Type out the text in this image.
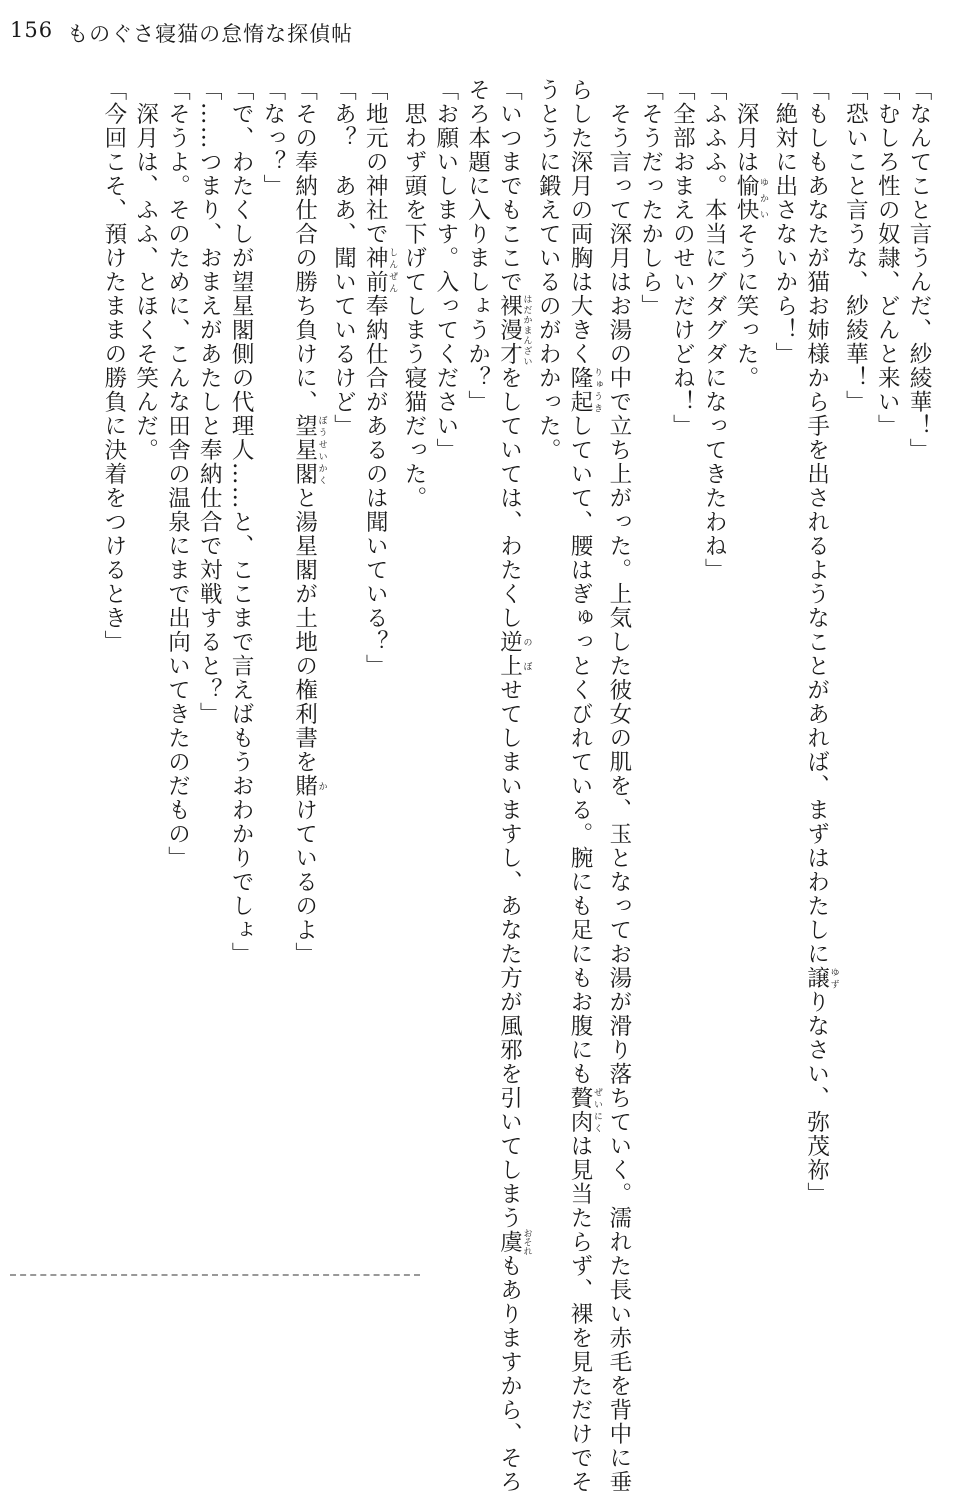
156 ものぐさ寝猫の怠惰な探偵帖
「なんてこと言うんだ、紗綾華！」
「むしろ性の奴隷、どんと来い」
「恐いこと言うな、紗綾華！」
「もしもあなたが猫お姉様から手を出されるようなことがあれば、まずはわたしに譲 ゆずりなさい、弥茂祢」
「絶対に出さないから！」
　深月は愉快 ゆかいそうに笑った。
「ふふふ。本当にグダグダになってきたわね」
「全部おまえのせいだけどね！」
「そうだったかしら」
　そう言って深月はお湯の中で立ち上がった。上気した彼女の肌を、玉となってお湯が滑り落ちていく。濡れた長い赤毛を背中に垂
らした深月の両胸は大きく隆起 りゅうきしていて、腰はぎゅっとくびれている。腕にも足にもお腹にも贅肉 ぜいにくは見当たらず、裸を見ただけでそ
うとうに鍛えているのがわかった。
「いつまでもここで裸漫才 はだかまんざいをしていては、わたくし逆上 のぼせてしまいますし、あなた方が風邪を引いてしまう虞 おそれもありますから、そろ
そろ本題に入りましょうか？」
「お願いします。入ってください」
　思わず頭を下げてしまう寝猫だった。
「地元の神社で神前 しんぜん奉納仕合があるのは聞いている？」
「あ？　ああ、聞いているけど」
「その奉納仕合の勝ち負けに、望星閣 ぼうせいかくと湯星閣が土地の権利書を賭 かけているのよ」
「なっ？」
「で、わたくしが望星閣側の代理人……と、ここまで言えばもうおわかりでしょ」
「……つまり、おまえがあたしと奉納仕合で対戦すると？」
「そうよ。そのために、こんな田舎の温泉にまで出向いてきたのだもの」
　深月は、ふふ、とほくそ笑んだ。
「今回こそ、預けたままの勝負に決着をつけるとき」
